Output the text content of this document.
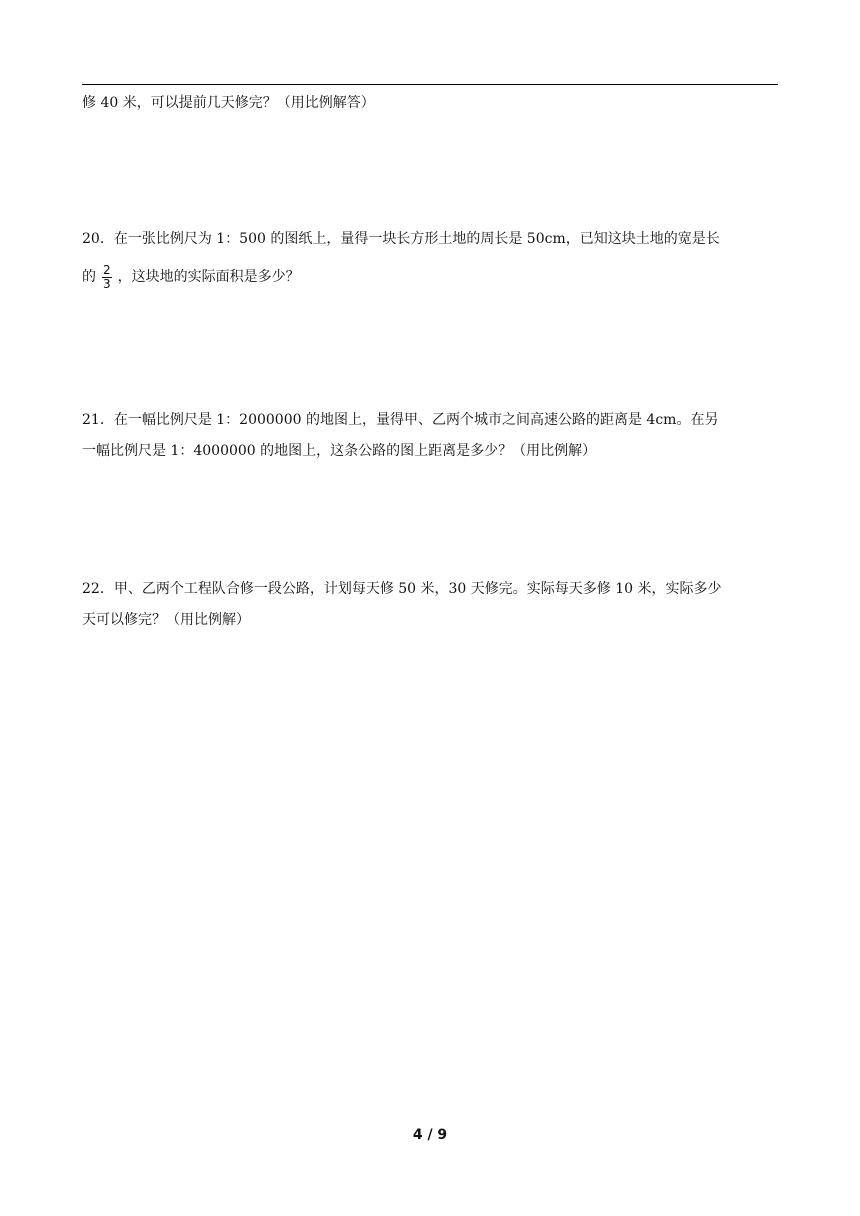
修 40 米，可以提前几天修完？（用比例解答）
20．在一张比例尺为 1：500 的图纸上，量得一块长方形土地的周长是 50cm，已知这块土地的宽是长
的 $\frac{2}{3}$ ，这块地的实际面积是多少？
21．在一幅比例尺是 1：2000000 的地图上，量得甲、乙两个城市之间高速公路的距离是 4cm。在另
一幅比例尺是 1：4000000 的地图上，这条公路的图上距离是多少？（用比例解）
22．甲、乙两个工程队合修一段公路，计划每天修 50 米，30 天修完。实际每天多修 10 米，实际多少
天可以修完？（用比例解）
4 / 9
